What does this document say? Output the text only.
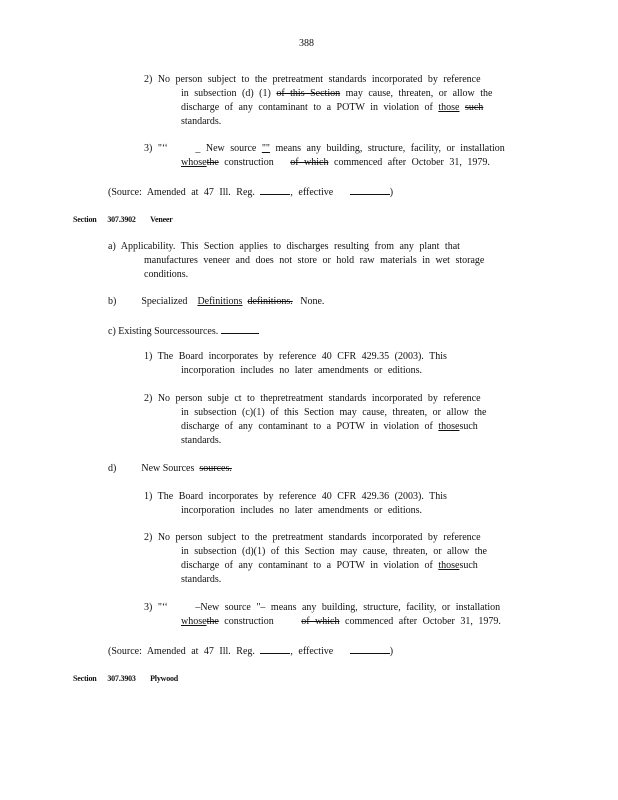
388
2) No person subject to the pretreatment standards incorporated by reference
in subsection (d) (1) of this Section may cause, threaten, or allow the
discharge of any contaminant to a POTW in violation of those such
standards.
3) "‘‘	_ New source "" means any building, structure, facility, or installation
whosethe construction of which commenced after October 31, 1979.
(Source: Amended at 47 Ill. Reg.	, effective	)
Section 307.3902 Veneer
a) Applicability. This Section applies to discharges resulting from any plant that
manufactures veneer and does not store or hold raw materials in wet storage
conditions.
b)	Specialized Definitions definitions. None.
c) Existing Sourcessources.
1) The Board incorporates by reference 40 CFR 429.35 (2003). This
incorporation includes no later amendments or editions.
2) No person subje ct to thepretreatment standards incorporated by reference
in subsection (c)(1) of this Section may cause, threaten, or allow the
discharge of any contaminant to a POTW in violation of thosesuch
standards.
d)	New Sources sources.
1) The Board incorporates by reference 40 CFR 429.36 (2003). This
incorporation includes no later amendments or editions.
2) No person subject to the pretreatment standards incorporated by reference
in subsection (d)(1) of this Section may cause, threaten, or allow the
discharge of any contaminant to a POTW in violation of thosesuch
standards.
3) "‘‘	–New source "– means any building, structure, facility, or installation
whosethe construction	of which commenced after October 31, 1979.
(Source: Amended at 47 Ill. Reg.	, effective	)
Section 307.3903 Plywood
